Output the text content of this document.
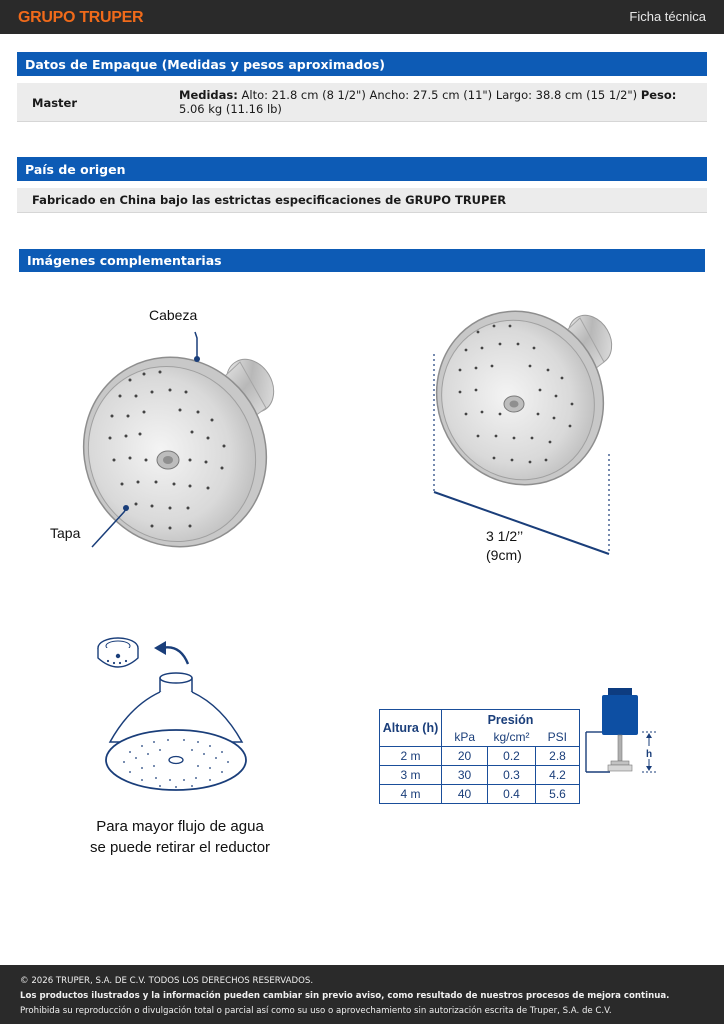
GRUPO TRUPER	Ficha técnica
Datos de Empaque (Medidas y pesos aproximados)
Master
Medidas: Alto: 21.8 cm (8 1/2") Ancho: 27.5 cm (11") Largo: 38.8 cm (15 1/2") Peso: 5.06 kg (11.16 lb)
País de origen
Fabricado en China bajo las estrictas especificaciones de GRUPO TRUPER
Imágenes complementarias
Cabeza
Tapa	3 1/2’’
(9cm)
Para mayor flujo de agua
se puede retirar el reductor
Altura (h)	Presión		
	kPa	kg/cm²	PSI
2 m	20	0.2	2.8
3 m	30	0.3	4.2
4 m	40	0.4	5.6
h
© 2026 TRUPER, S.A. DE C.V. TODOS LOS DERECHOS RESERVADOS.
Los productos ilustrados y la información pueden cambiar sin previo aviso, como resultado de nuestros procesos de mejora continua.
Prohibida su reproducción o divulgación total o parcial así como su uso o aprovechamiento sin autorización escrita de Truper, S.A. de C.V.
